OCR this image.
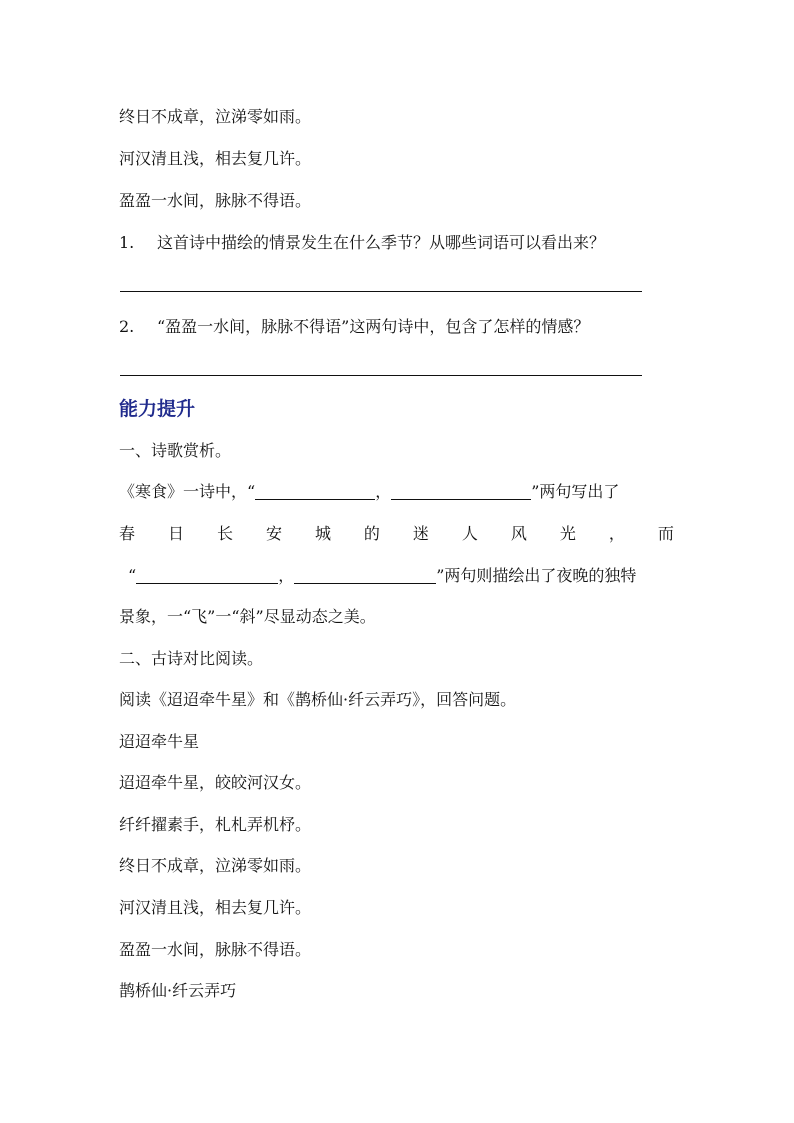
终日不成章，泣涕零如雨。
河汉清且浅，相去复几许。
盈盈一水间，脉脉不得语。
1. 这首诗中描绘的情景发生在什么季节？从哪些词语可以看出来？
2. “盈盈一水间，脉脉不得语”这两句诗中，包含了怎样的情感？
能力提升
一、诗歌赏析。
《寒食》一诗中，“	，	”两句写出了
春 日 长 安 城 的 迷 人 风 光 ， 而
“	，	”两句则描绘出了夜晚的独特
景象，一“飞”一“斜”尽显动态之美。
二、古诗对比阅读。
阅读《迢迢牵牛星》和《鹊桥仙·纤云弄巧》，回答问题。
迢迢牵牛星
迢迢牵牛星，皎皎河汉女。
纤纤擢素手，札札弄机杼。
终日不成章，泣涕零如雨。
河汉清且浅，相去复几许。
盈盈一水间，脉脉不得语。
鹊桥仙·纤云弄巧
